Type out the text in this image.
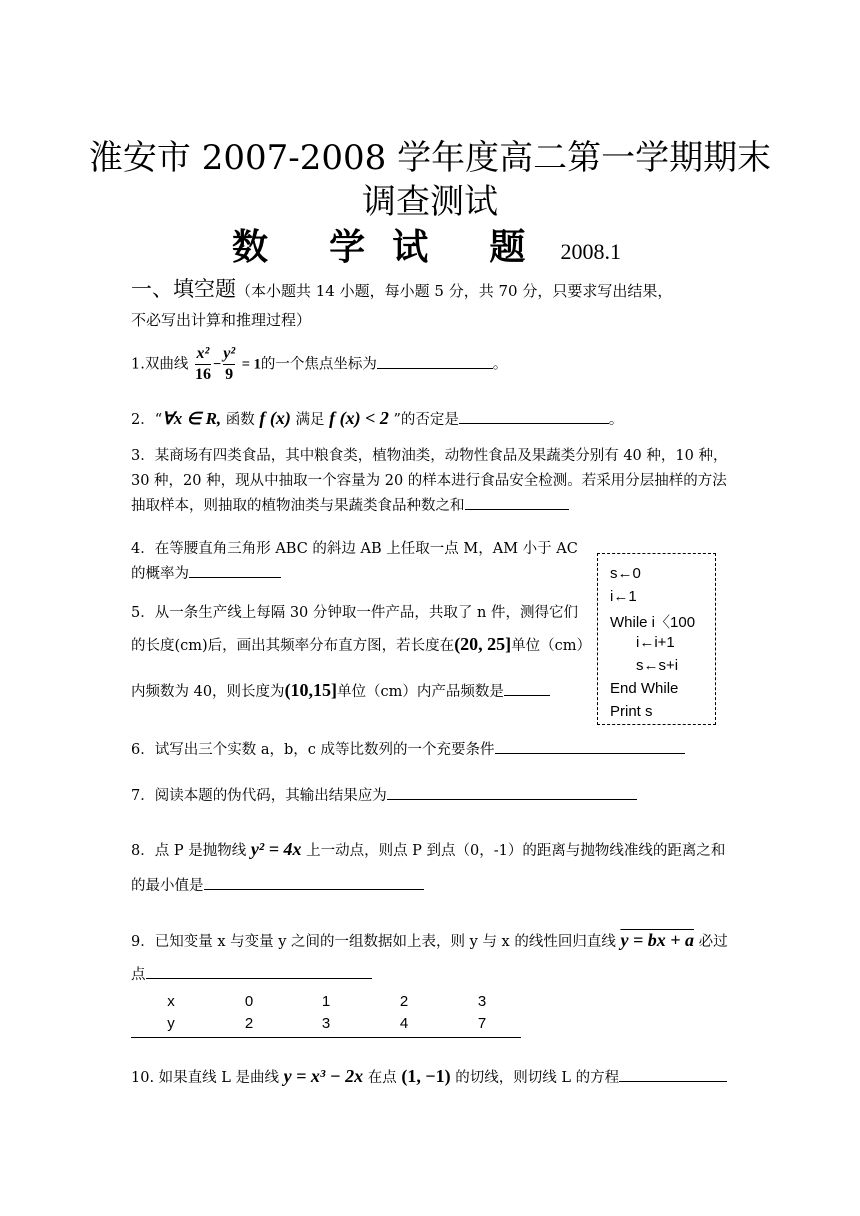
淮安市 2007-2008 学年度高二第一学期期末
调查测试
数 学 试 题 2008.1
一、填空题（本小题共 14 小题，每小题 5 分，共 70 分，只要求写出结果，
不必写出计算和推理过程）
1.双曲线 $\frac{\text{x²}}{16} - \frac{\text{y²}}{9} = 1$的一个焦点坐标为	。
2．“∀x ∈ R, 函数 f (x) 满足 f (x) < 2 ”的否定是	。
3．某商场有四类食品，其中粮食类，植物油类，动物性食品及果蔬类分别有 40 种，10 种，
30 种，20 种，现从中抽取一个容量为 20 的样本进行食品安全检测。若采用分层抽样的方法
抽取样本，则抽取的植物油类与果蔬类食品种数之和
4．在等腰直角三角形 ABC 的斜边 AB 上任取一点 M，AM 小于 AC
的概率为
5．从一条生产线上每隔 30 分钟取一件产品，共取了 n 件，测得它们
的长度(cm)后，画出其频率分布直方图，若长度在(20, 25]单位（cm）
内频数为 40，则长度为(10,15]单位（cm）内产品频数是
s←0
i←1
While i〈100
i←i+1
s←s+i
End While
Print s
6．试写出三个实数 a，b，c 成等比数列的一个充要条件
7．阅读本题的伪代码，其输出结果应为
8．点 P 是抛物线 y² = 4x 上一动点，则点 P 到点（0，-1）的距离与抛物线准线的距离之和
的最小值是
9．已知变量 x 与变量 y 之间的一组数据如上表，则 y 与 x 的线性回归直线 y = bx + a 必过
点
x	0	1	2	3
y	2	3	4	7
10. 如果直线 L 是曲线 y = x³ − 2x 在点 (1, −1) 的切线，则切线 L 的方程
